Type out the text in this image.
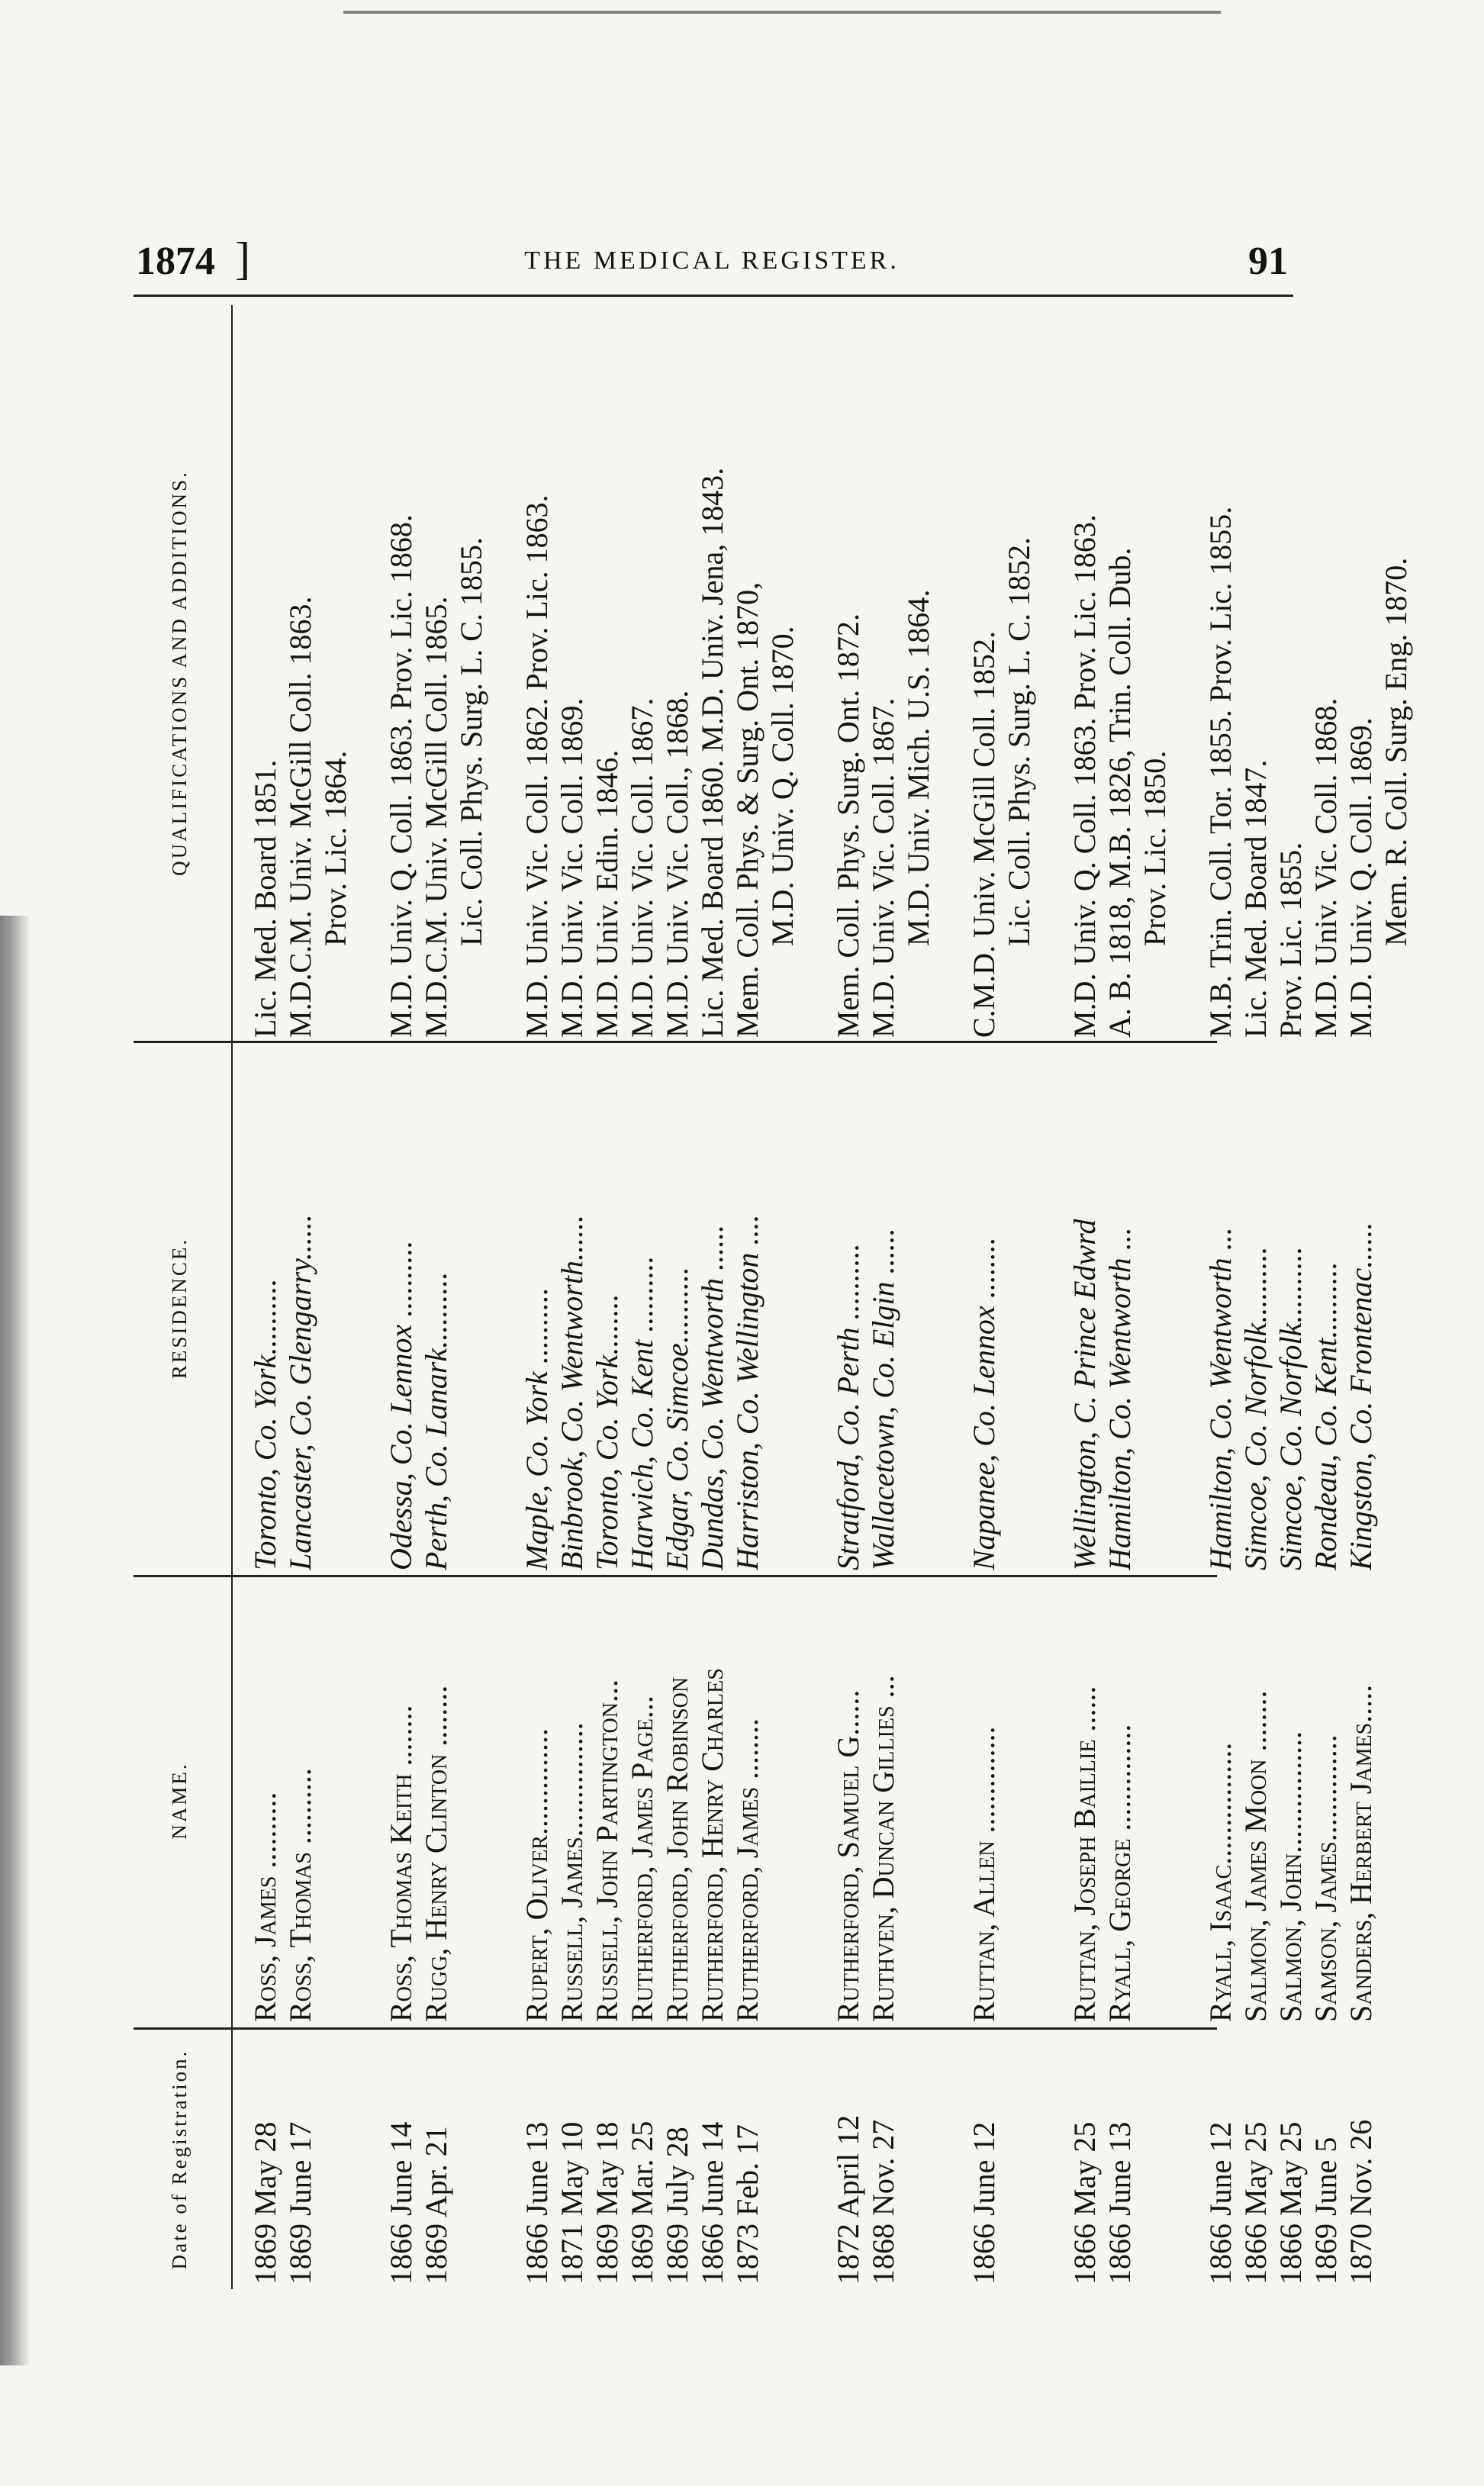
1874 ]	THE MEDICAL REGISTER.	91
Date of Registration.
NAME.
RESIDENCE.
QUALIFICATIONS AND ADDITIONS.
1869 May 28
Ross, James ..........
Toronto, Co. York..........
Lic. Med. Board 1851.
1869 June 17
Ross, Thomas ..........
Lancaster, Co. Glengarry......
M.D.C.M. Univ. McGill Coll. 1863. Prov. Lic. 1864.
1866 June 14
Ross, Thomas Keith ........
Odessa, Co. Lennox ..........
M.D. Univ. Q. Coll. 1863. Prov. Lic. 1868.
1869 Apr. 21
Rugg, Henry Clinton ........
Perth, Co. Lanark..........
M.D.C.M. Univ. McGill Coll. 1865. Lic. Coll. Phys. Surg. L. C. 1855.
1866 June 13
Rupert, Oliver..............
Maple, Co. York ..........
M.D. Univ. Vic. Coll. 1862. Prov. Lic. 1863.
1871 May 10
Russell, James...............
Binbrook, Co. Wentworth......
M.D. Univ. Vic. Coll. 1869.
1869 May 18
Russell, John Partington...
Toronto, Co. York........
M.D. Univ. Edin. 1846.
1869 Mar. 25
Rutherford, James Page...
Harwich, Co. Kent ..........
M.D. Univ. Vic. Coll. 1867.
1869 July 28
Rutherford, John Robinson
Edgar, Co. Simcoe..........
M.D. Univ. Vic. Coll., 1868.
1866 June 14
Rutherford, Henry Charles
Dundas, Co. Wentworth ......
Lic. Med. Board 1860. M.D. Univ. Jena, 1843.
1873 Feb. 17
Rutherford, James ........
Harriston, Co. Wellington ....
Mem. Coll. Phys. & Surg. Ont. 1870, M.D. Univ. Q. Coll. 1870.
1872 April 12
Rutherford, Samuel G......
Stratford, Co. Perth ..........
Mem. Coll. Phys. Surg. Ont. 1872.
1868 Nov. 27
Ruthven, Duncan Gillies ...
Wallacetown, Co. Elgin ......
M.D. Univ. Vic. Coll. 1867. M.D. Univ. Mich. U.S. 1864.
1866 June 12
Ruttan, Allen ..............
Napanee, Co. Lennox ........
C.M.D. Univ. McGill Coll. 1852. Lic. Coll. Phys. Surg. L. C. 1852.
1866 May 25
Ruttan, Joseph Baillie ......
Wellington, C. Prince Edwrd
M.D. Univ. Q. Coll. 1863. Prov. Lic. 1863.
1866 June 13
Ryall, George ..............
Hamilton, Co. Wentworth ...
A. B. 1818, M.B. 1826, Trin. Coll. Dub. Prov. Lic. 1850.
1866 June 12
Ryall, Isaac................
Hamilton, Co. Wentworth ...
M.B. Trin. Coll. Tor. 1855. Prov. Lic. 1855.
1866 May 25
Salmon, James Moon ........
Simcoe, Co. Norfolk..........
Lic. Med. Board 1847.
1866 May 25
Salmon, John................
Simcoe, Co. Norfolk..........
Prov. Lic. 1855.
1869 June 5
Samson, James..............
Rondeau, Co. Kent..........
M.D. Univ. Vic. Coll. 1868.
1870 Nov. 26
Sanders, Herbert James.....
Kingston, Co. Frontenac......
M.D. Univ. Q. Coll. 1869. Mem. R. Coll. Surg. Eng. 1870.
